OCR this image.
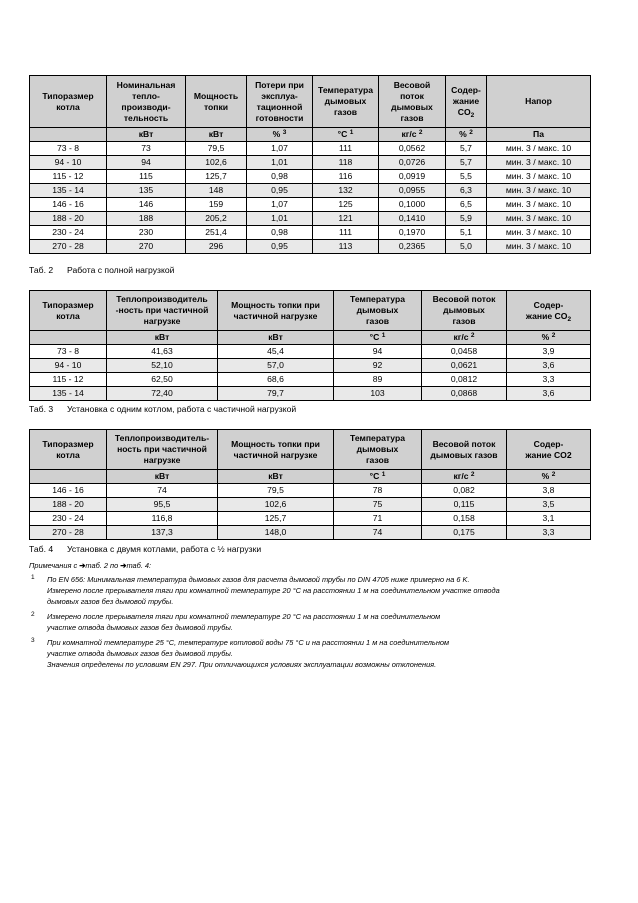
Типоразмер
котла	Номинальная
тепло-
производи-
тельность	Мощность
топки	Потери при
эксплуа-
тационной
готовности	Температура
дымовых
газов	Весовой
поток
дымовых
газов	Содер-
жание
$CO_2$	Напор
	кВт	кВт	% $^3$	°C $^1$	кг/с $^2$	% $^2$	Па
73 - 8	73	79,5	1,07	111	0,0562	5,7	мин. 3 / макс. 10
94 - 10	94	102,6	1,01	118	0,0726	5,7	мин. 3 / макс. 10
115 - 12	115	125,7	0,98	116	0,0919	5,5	мин. 3 / макс. 10
135 - 14	135	148	0,95	132	0,0955	6,3	мин. 3 / макс. 10
146 - 16	146	159	1,07	125	0,1000	6,5	мин. 3 / макс. 10
188 - 20	188	205,2	1,01	121	0,1410	5,9	мин. 3 / макс. 10
230 - 24	230	251,4	0,98	111	0,1970	5,1	мин. 3 / макс. 10
270 - 28	270	296	0,95	113	0,2365	5,0	мин. 3 / макс. 10
Таб. 2 Работа с полной нагрузкой
Типоразмер
котла	Теплопроизводитель
-ность при частичной
нагрузке	Мощность топки при
частичной нагрузке	Температура
дымовых
газов	Весовой поток
дымовых
газов	Содер-
жание $CO_2$
	кВт	кВт	°C $^1$	кг/с $^2$	% $^2$
73 - 8	41,63	45,4	94	0,0458	3,9
94 - 10	52,10	57,0	92	0,0621	3,6
115 - 12	62,50	68,6	89	0,0812	3,3
135 - 14	72,40	79,7	103	0,0868	3,6
Таб. 3 Установка с одним котлом, работа с частичной нагрузкой
Типоразмер
котла	Теплопроизводитель-
ность при частичной
нагрузке	Мощность топки при
частичной нагрузке	Температура
дымовых
газов	Весовой поток
дымовых газов	Содер-
жание CO2
	кВт	кВт	°C $^1$	кг/с $^2$	% $^2$
146 - 16	74	79,5	78	0,082	3,8
188 - 20	95,5	102,6	75	0,115	3,5
230 - 24	116,8	125,7	71	0,158	3,1
270 - 28	137,3	148,0	74	0,175	3,3
Таб. 4 Установка с двумя котлами, работа с ½ нагрузки
Примечания с ➔таб. 2 по ➔таб. 4:
1 По EN 656: Минимальная температура дымовых газов для расчета дымовой трубы по DIN 4705 ниже примерно на 6 K.
Измерено после прерывателя тяги при комнатной температуре 20 °C на расстоянии 1 м на соединительном участке отвода
дымовых газов без дымовой трубы.
2 Измерено после прерывателя тяги при комнатной температуре 20 °C на расстоянии 1 м на соединительном
участке отвода дымовых газов без дымовой трубы.
3 При комнатной температуре 25 °C, температуре котловой воды 75 °C и на расстоянии 1 м на соединительном
участке отвода дымовых газов без дымовой трубы.
Значения определены по условиям EN 297. При отличающихся условиях эксплуатации возможны отклонения.
